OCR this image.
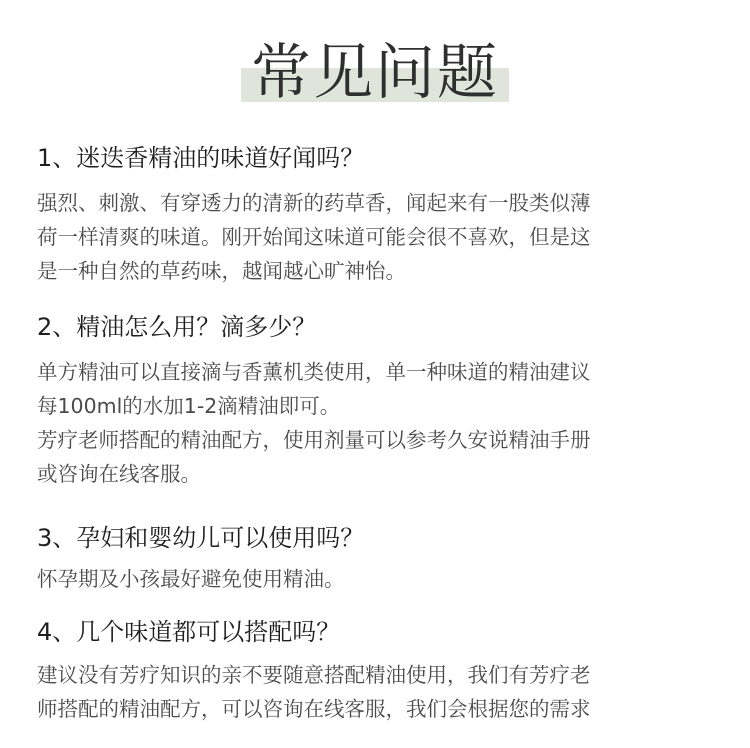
常见问题
1、迷迭香精油的味道好闻吗？
强烈、刺激、有穿透力的清新的药草香，闻起来有一股类似薄
荷一样清爽的味道。刚开始闻这味道可能会很不喜欢，但是这
是一种自然的草药味，越闻越心旷神怡。
2、精油怎么用？滴多少？
单方精油可以直接滴与香薰机类使用，单一种味道的精油建议
每100ml的水加1-2滴精油即可。
芳疗老师搭配的精油配方，使用剂量可以参考久安说精油手册
或咨询在线客服。
3、孕妇和婴幼儿可以使用吗？
怀孕期及小孩最好避免使用精油。
4、几个味道都可以搭配吗？
建议没有芳疗知识的亲不要随意搭配精油使用，我们有芳疗老
师搭配的精油配方，可以咨询在线客服，我们会根据您的需求
